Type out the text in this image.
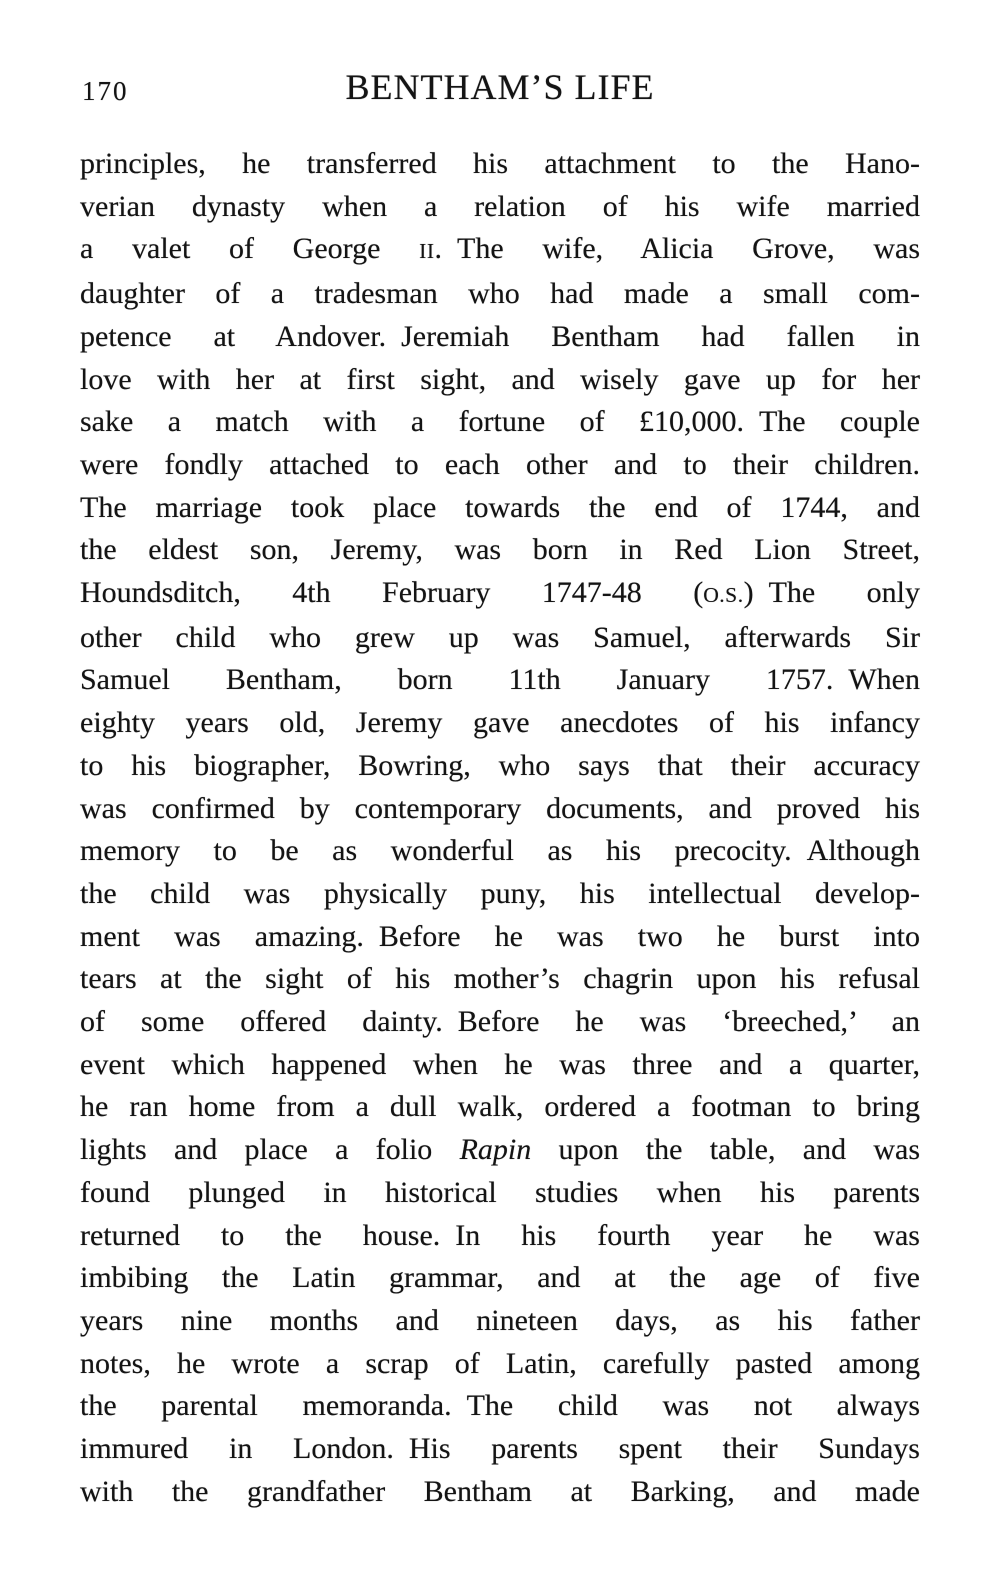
170	BENTHAM’S LIFE
principles, he transferred his attachment to the Hano-
verian dynasty when a relation of his wife married
a valet of George II. The wife, Alicia Grove, was
daughter of a tradesman who had made a small com-
petence at Andover. Jeremiah Bentham had fallen in
love with her at first sight, and wisely gave up for her
sake a match with a fortune of £10,000. The couple
were fondly attached to each other and to their children.
The marriage took place towards the end of 1744, and
the eldest son, Jeremy, was born in Red Lion Street,
Houndsditch, 4th February 1747-48 (O.S.) The only
other child who grew up was Samuel, afterwards Sir
Samuel Bentham, born 11th January 1757. When
eighty years old, Jeremy gave anecdotes of his infancy
to his biographer, Bowring, who says that their accuracy
was confirmed by contemporary documents, and proved his
memory to be as wonderful as his precocity. Although
the child was physically puny, his intellectual develop-
ment was amazing. Before he was two he burst into
tears at the sight of his mother’s chagrin upon his refusal
of some offered dainty. Before he was ‘breeched,’ an
event which happened when he was three and a quarter,
he ran home from a dull walk, ordered a footman to bring
lights and place a folio Rapin upon the table, and was
found plunged in historical studies when his parents
returned to the house. In his fourth year he was
imbibing the Latin grammar, and at the age of five
years nine months and nineteen days, as his father
notes, he wrote a scrap of Latin, carefully pasted among
the parental memoranda. The child was not always
immured in London. His parents spent their Sundays
with the grandfather Bentham at Barking, and made
